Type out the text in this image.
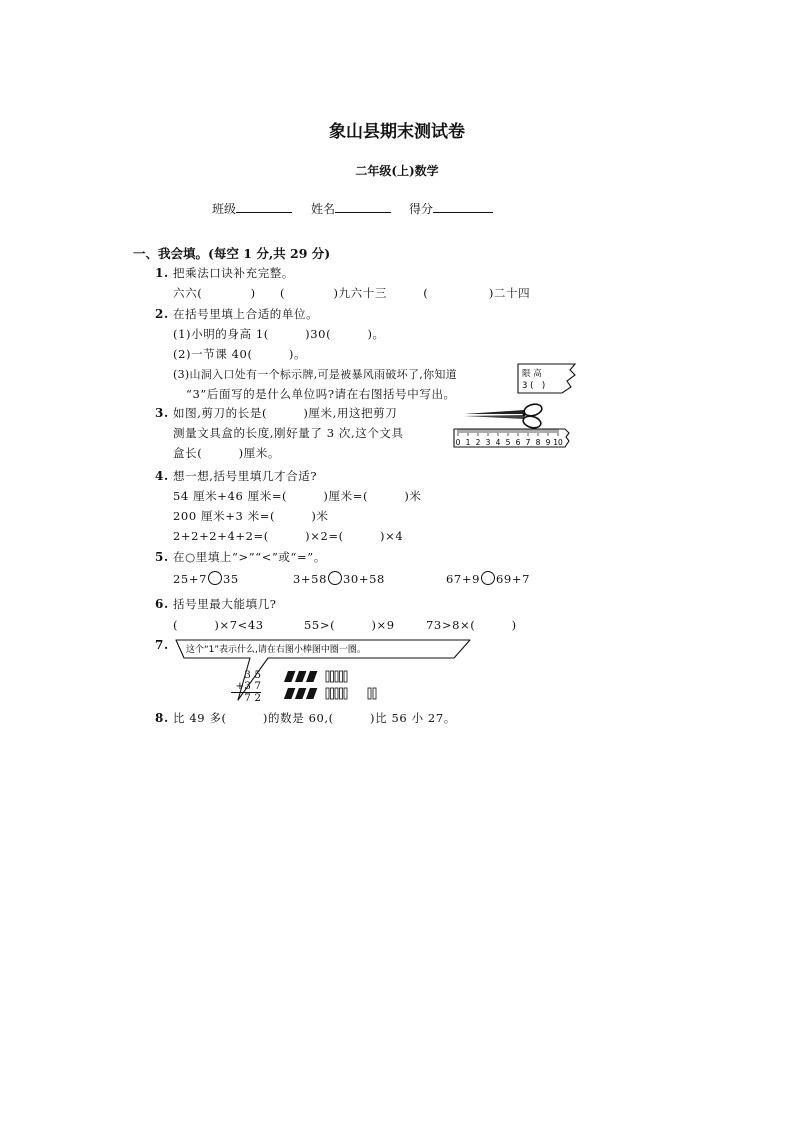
象山县期末测试卷
二年级(上)数学
班级	姓名	得分
一、我会填。(每空 1 分,共 29 分)
1. 把乘法口诀补充完整。
六六(　　　　)　　(　　　　)九六十三　　　(　　　　　)二十四
2. 在括号里填上合适的单位。
(1)小明的身高 1(　　　)30(　　　)。
(2)一节课 40(　　　)。
(3)山洞入口处有一个标示牌,可是被暴风雨破坏了,你知道
“3”后面写的是什么单位吗?请在右图括号中写出。
限 高
3 (　)
3. 如图,剪刀的长是(　　　)厘米,用这把剪刀
测量文具盒的长度,刚好量了 3 次,这个文具
盒长(　　　)厘米。
0 1 2 3 4 5 6 7 8 9 10
4. 想一想,括号里填几才合适?
54 厘米+46 厘米=(　　　)厘米=(　　　)米
200 厘米+3 米=(　　　)米
2+2+2+4+2=(　　　)×2=(　　　)×4
5. 在○里填上“>”“<”或“=”。
25+7 35	3+58 30+58	67+9 69+7
6. 括号里最大能填几?
(　　　)×7<43	55>(　　　)×9	73>8×(　　　)
7. 这个“1”表示什么,请在右图小棒图中圈一圈。
3 5
+3 7
7 2
8. 比 49 多(　　　)的数是 60,(　　　)比 56 小 27。
